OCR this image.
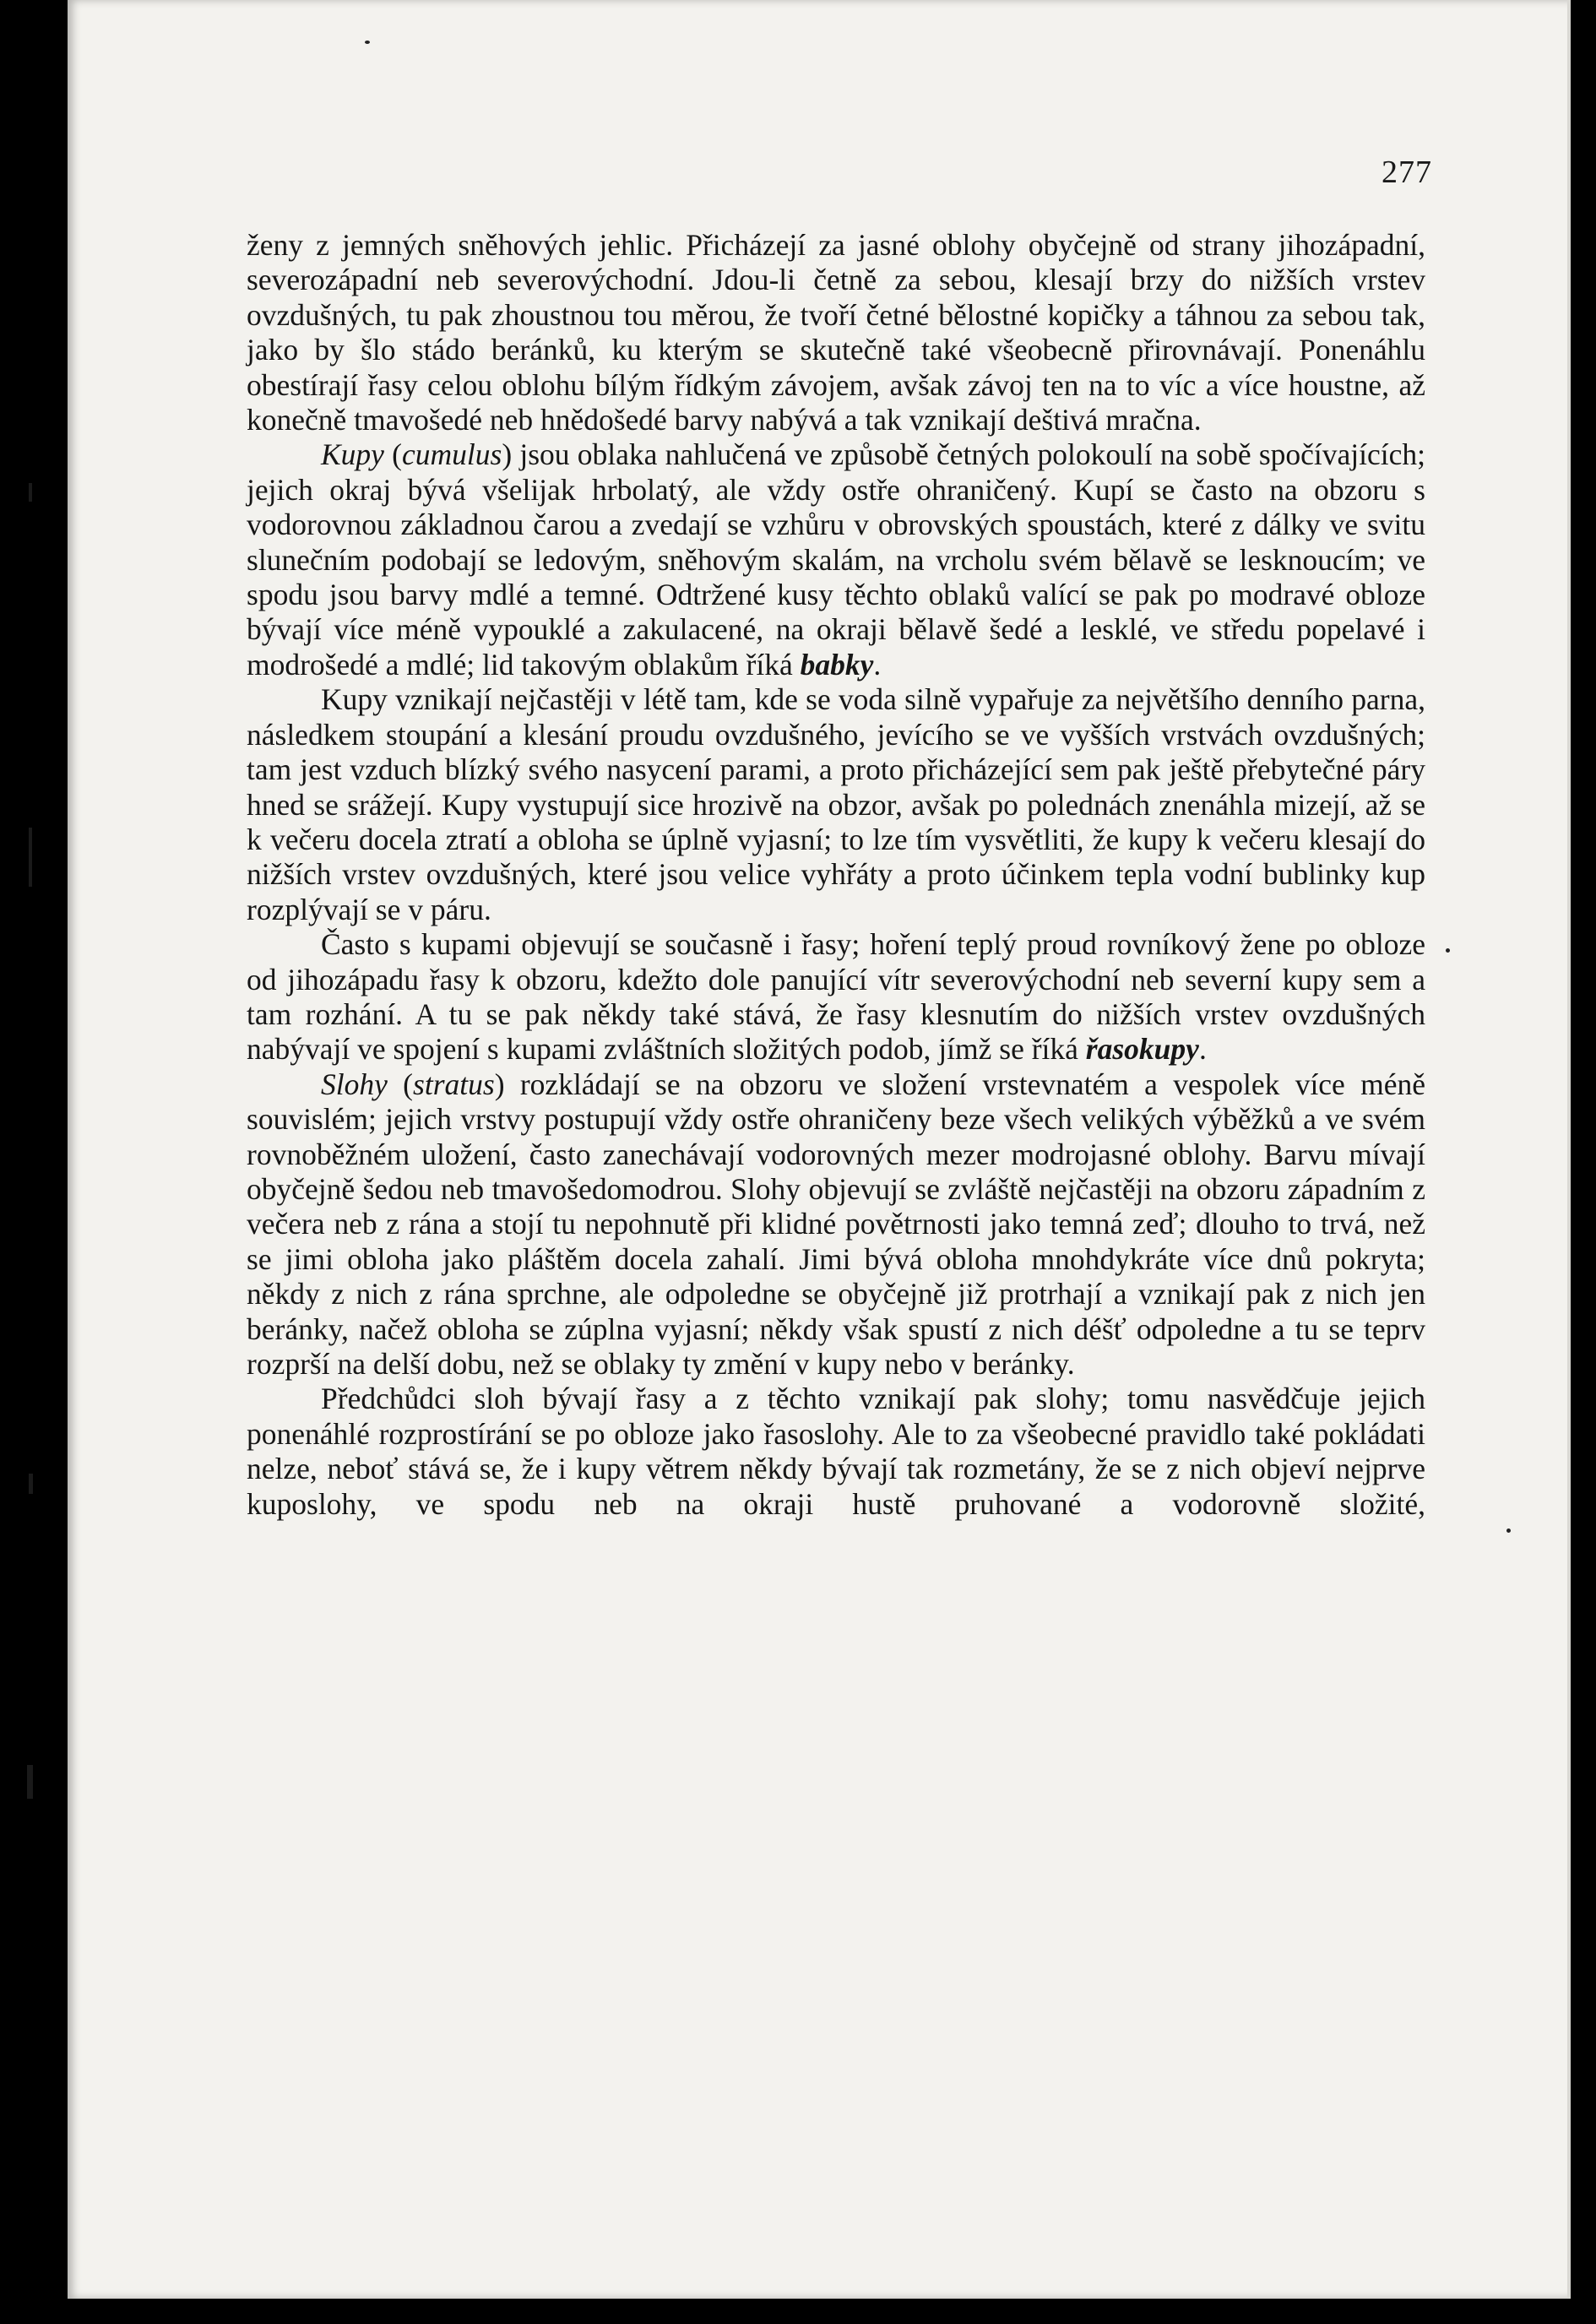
277

ženy z jemných sněhových jehlic. Přicházejí za jasné oblohy obyčejně od strany jihozápadní, severozápadní neb severovýchodní. Jdou-li četně za sebou, klesají brzy do nižších vrstev ovzdušných, tu pak zhoustnou tou měrou, že tvoří četné bělostné kopičky a táhnou za sebou tak, jako by šlo stádo beránků, ku kterým se skutečně také všeobecně přirovnávají. Ponenáhlu obestírají řasy celou oblohu bílým řídkým závojem, avšak závoj ten na to víc a více houstne, až konečně tmavošedé neb hnědošedé barvy nabývá a tak vznikají deštivá mračna.

Kupy (cumulus) jsou oblaka nahlučená ve způsobě četných polokoulí na sobě spočívajících; jejich okraj bývá všelijak hrbolatý, ale vždy ostře ohraničený. Kupí se často na obzoru s vodorovnou základnou čarou a zvedají se vzhůru v obrovských spoustách, které z dálky ve svitu slunečním podobají se ledovým, sněhovým skalám, na vrcholu svém bělavě se lesknoucím; ve spodu jsou barvy mdlé a temné. Odtržené kusy těchto oblaků valící se pak po modravé obloze bývají více méně vypouklé a zakulacené, na okraji bělavě šedé a lesklé, ve středu popelavé i modrošedé a mdlé; lid takovým oblakům říká babky.

Kupy vznikají nejčastěji v létě tam, kde se voda silně vypařuje za největšího denního parna, následkem stoupání a klesání proudu ovzdušného, jevícího se ve vyšších vrstvách ovzdušných; tam jest vzduch blízký svého nasycení parami, a proto přicházející sem pak ještě přebytečné páry hned se srážejí. Kupy vystupují sice hrozivě na obzor, avšak po polednách znenáhla mizejí, až se k večeru docela ztratí a obloha se úplně vyjasní; to lze tím vysvětliti, že kupy k večeru klesají do nižších vrstev ovzdušných, které jsou velice vyhřáty a proto účinkem tepla vodní bublinky kup rozplývají se v páru.

Často s kupami objevují se současně i řasy; hoření teplý proud rovníkový žene po obloze od jihozápadu řasy k obzoru, kdežto dole panující vítr severovýchodní neb severní kupy sem a tam rozhání. A tu se pak někdy také stává, že řasy klesnutím do nižších vrstev ovzdušných nabývají ve spojení s kupami zvláštních složitých podob, jímž se říká řasokupy.

Slohy (stratus) rozkládají se na obzoru ve složení vrstevnatém a vespolek více méně souvislém; jejich vrstvy postupují vždy ostře ohraničeny beze všech velikých výběžků a ve svém rovnoběžném uložení, často zanechávají vodorovných mezer modrojasné oblohy. Barvu mívají obyčejně šedou neb tmavošedomodrou. Slohy objevují se zvláště nejčastěji na obzoru západním z večera neb z rána a stojí tu nepohnutě při klidné povětrnosti jako temná zeď; dlouho to trvá, než se jimi obloha jako pláštěm docela zahalí. Jimi bývá obloha mnohdykráte více dnů pokryta; někdy z nich z rána sprchne, ale odpoledne se obyčejně již protrhají a vznikají pak z nich jen beránky, načež obloha se zúplna vyjasní; někdy však spustí z nich déšť odpoledne a tu se teprv rozprší na delší dobu, než se oblaky ty změní v kupy nebo v beránky.

Předchůdci sloh bývají řasy a z těchto vznikají pak slohy; tomu nasvědčuje jejich ponenáhlé rozprostírání se po obloze jako řasoslohy. Ale to za všeobecné pravidlo také pokládati nelze, neboť stává se, že i kupy větrem někdy bývají tak rozmetány, že se z nich objeví nejprve kuposlohy, ve spodu neb na okraji hustě pruhované a vodorovně složité,
